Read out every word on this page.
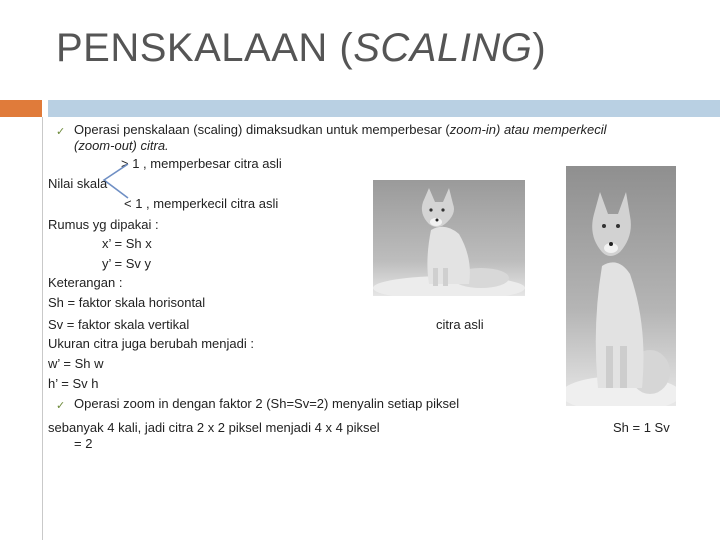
PENSKALAAN (SCALING)
✓ Operasi penskalaan (scaling) dimaksudkan untuk memperbesar (zoom-in) atau memperkecil
(zoom-out) citra.
> 1 , memperbesar citra asli
Nilai skala
< 1 , memperkecil citra asli
Rumus yg dipakai :
x’ = Sh x
y’ = Sv y
Keterangan :
Sh = faktor skala horisontal
Sv = faktor skala vertikal
Ukuran citra juga berubah menjadi :
w’ = Sh w
h’ = Sv h
✓ Operasi zoom in dengan faktor 2 (Sh=Sv=2) menyalin setiap piksel
sebanyak 4 kali, jadi citra 2 x 2 piksel menjadi 4 x 4 piksel
= 2
citra asli
Sh = 1 Sv
